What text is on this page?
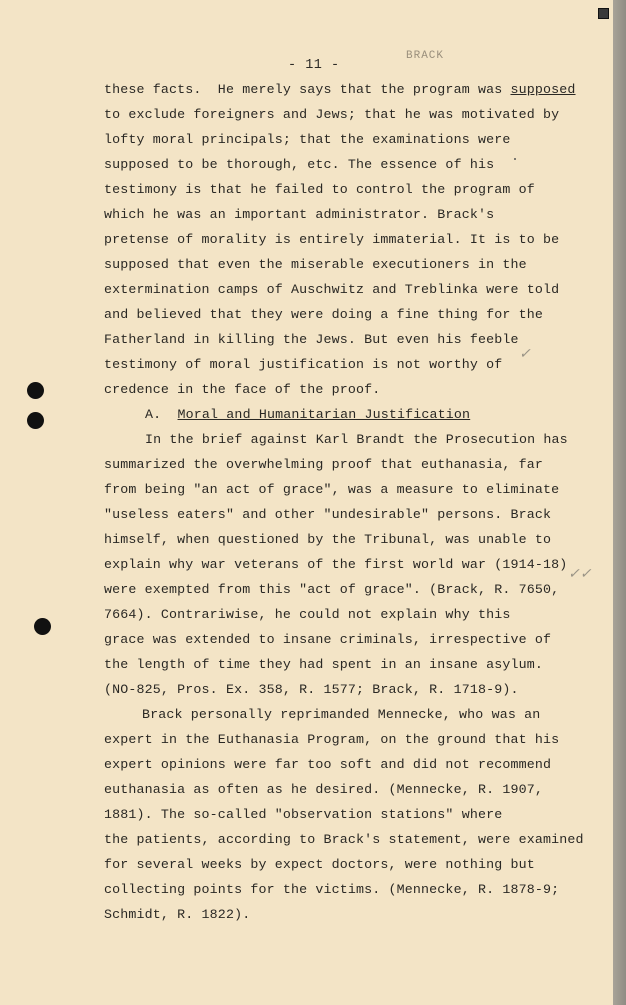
- 11 -
BRACK
these facts.  He merely says that the program was supposed
to exclude foreigners and Jews; that he was motivated by
lofty moral principals; that the examinations were
supposed to be thorough, etc. The essence of his
testimony is that he failed to control the program of
which he was an important administrator. Brack's
pretense of morality is entirely immaterial. It is to be
supposed that even the miserable executioners in the
extermination camps of Auschwitz and Treblinka were told
and believed that they were doing a fine thing for the
Fatherland in killing the Jews. But even his feeble
testimony of moral justification is not worthy of
credence in the face of the proof.
A.  Moral and Humanitarian Justification
In the brief against Karl Brandt the Prosecution has
summarized the overwhelming proof that euthanasia, far
from being "an act of grace", was a measure to eliminate
"useless eaters" and other "undesirable" persons. Brack
himself, when questioned by the Tribunal, was unable to
explain why war veterans of the first world war (1914-18)
were exempted from this "act of grace". (Brack, R. 7650,
7664). Contrariwise, he could not explain why this
grace was extended to insane criminals, irrespective of
the length of time they had spent in an insane asylum.
(NO-825, Pros. Ex. 358, R. 1577; Brack, R. 1718-9).
Brack personally reprimanded Mennecke, who was an
expert in the Euthanasia Program, on the ground that his
expert opinions were far too soft and did not recommend
euthanasia as often as he desired. (Mennecke, R. 1907,
1881). The so-called "observation stations" where
the patients, according to Brack's statement, were examined
for several weeks by expect doctors, were nothing but
collecting points for the victims. (Mennecke, R. 1878-9;
Schmidt, R. 1822).
✓
✓✓
